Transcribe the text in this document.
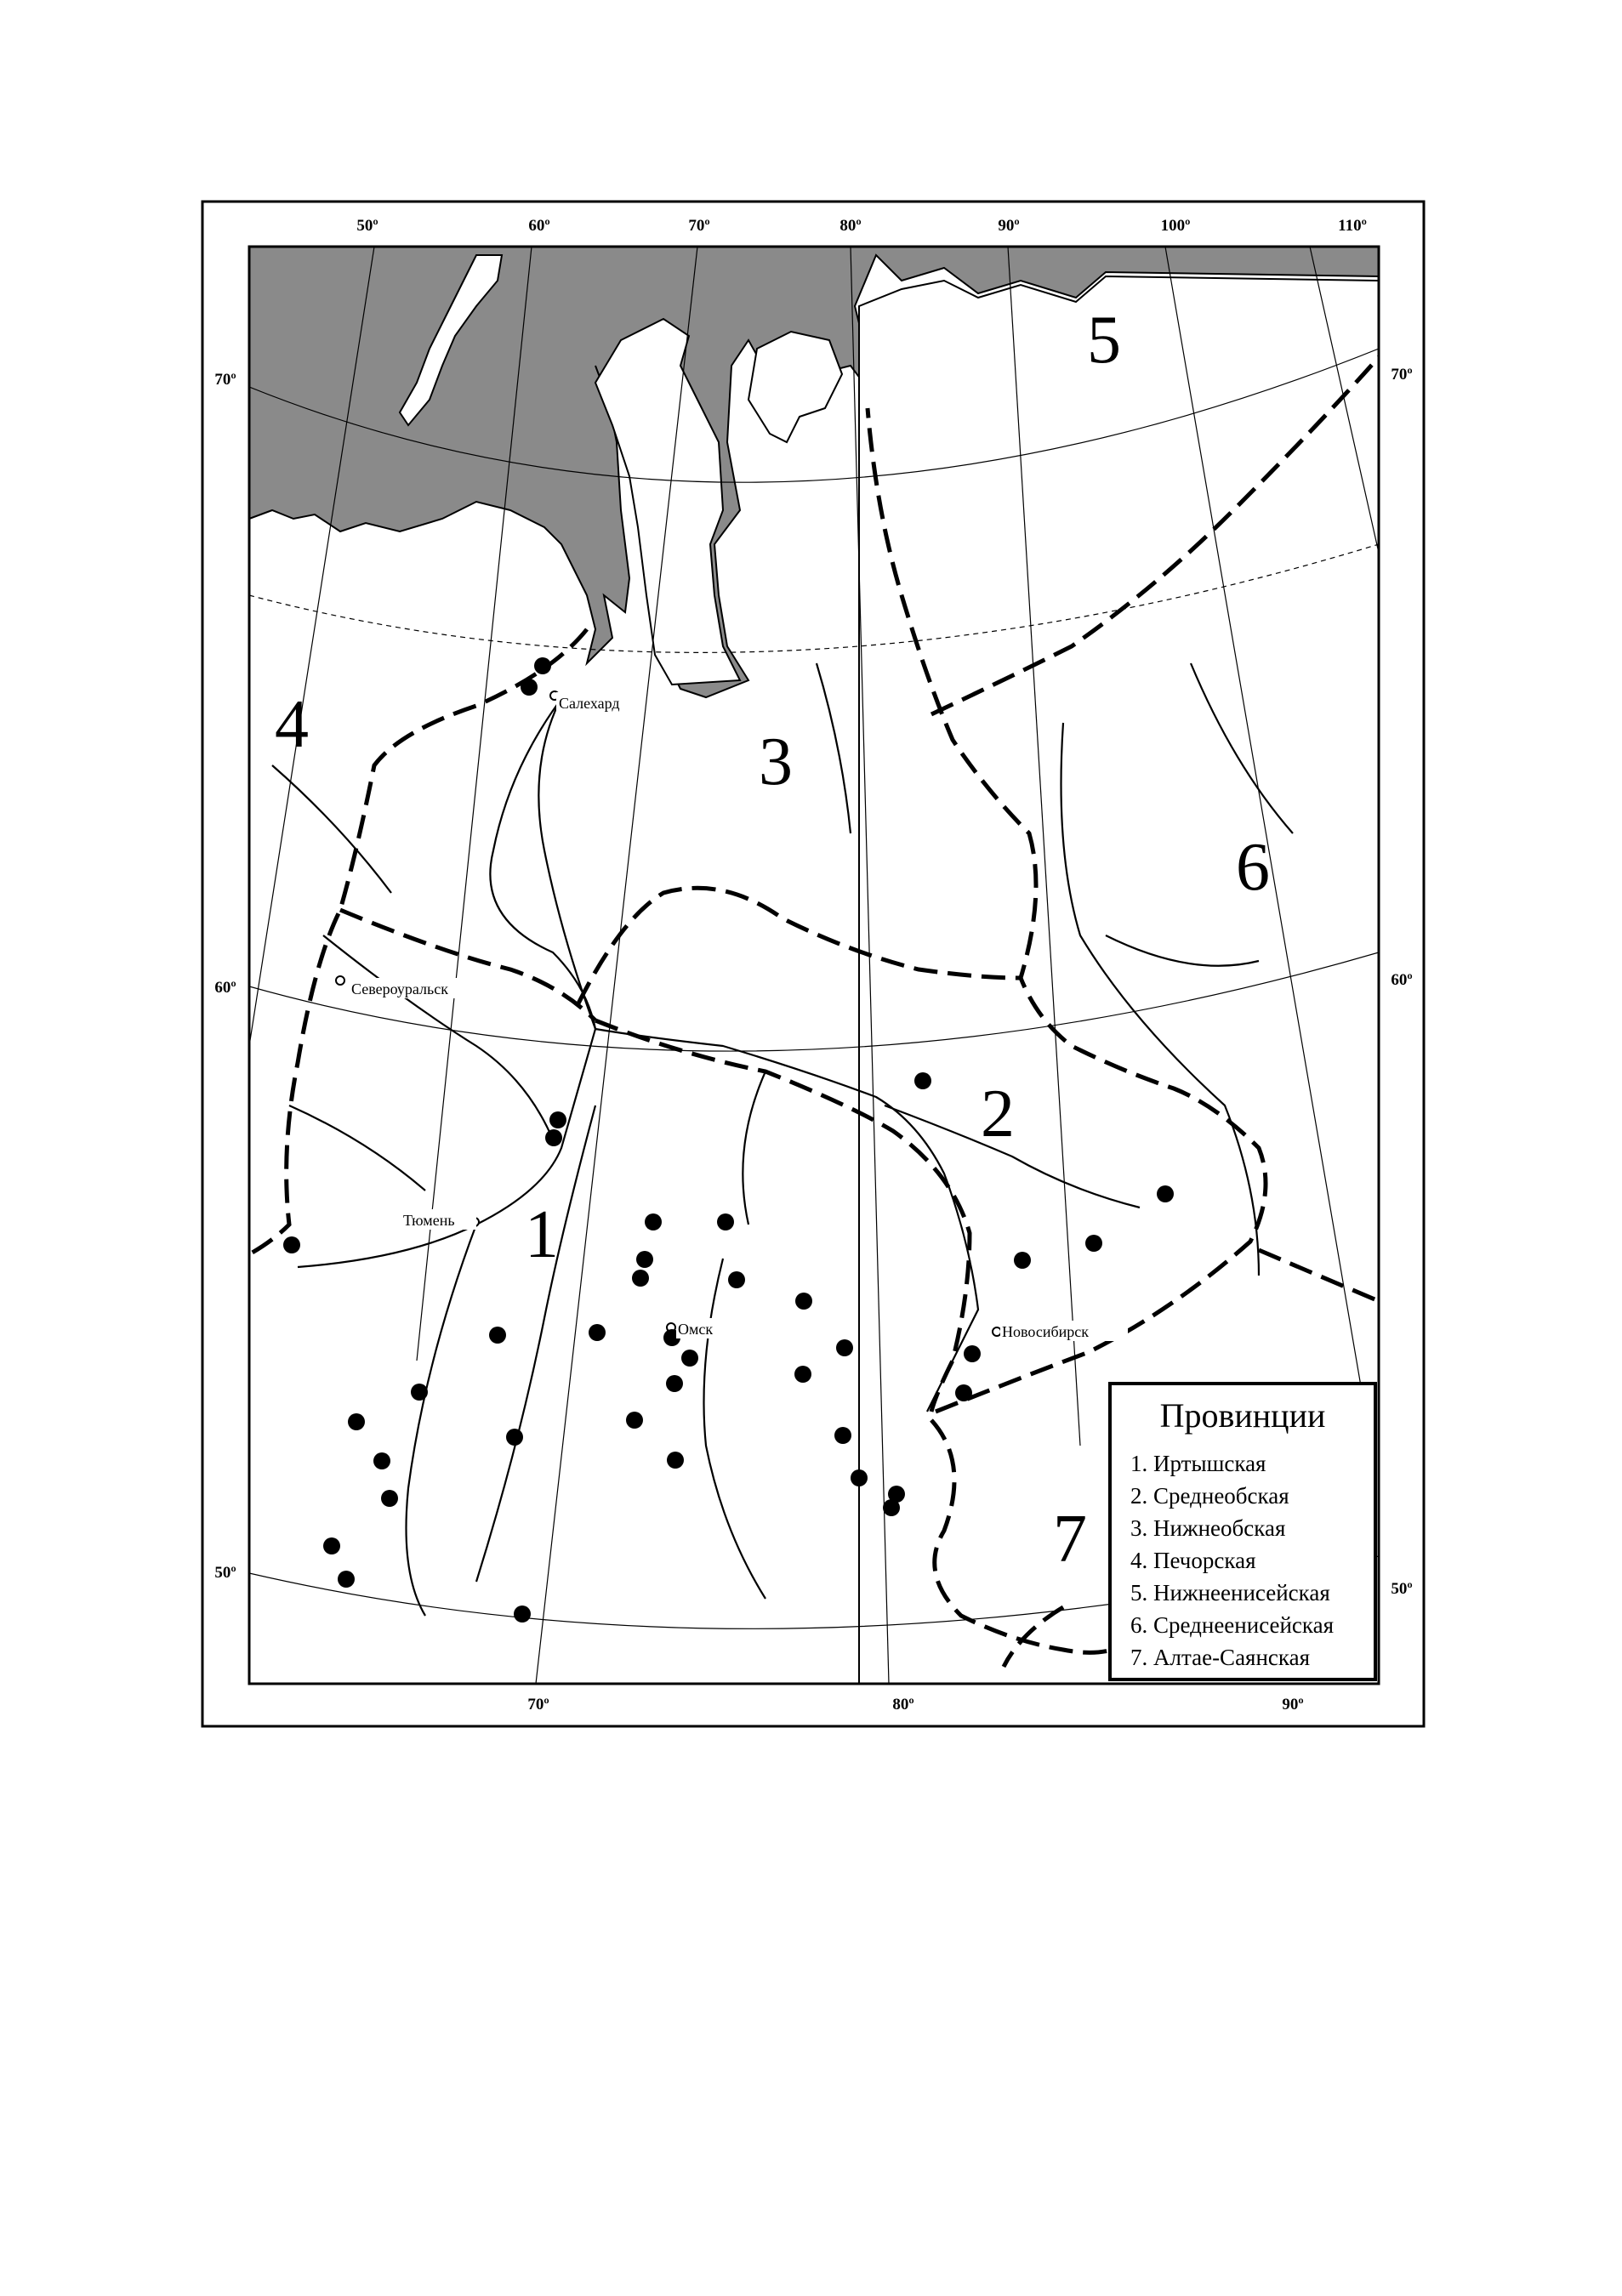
50º	60º	70º	80º	90º	100º	110º
70º	80º	90º
70º
60º
50º
70º
60º
50º
Салехард
Североуральск
Тюмень
Омск	Новосибирск
1
2
3
4
5
6
7
Провинции
1. Иртышская
2. Среднеобская
3. Нижнеобская
4. Печорская
5. Нижнеенисейская
6. Среднеенисейская
7. Алтае-Саянская
